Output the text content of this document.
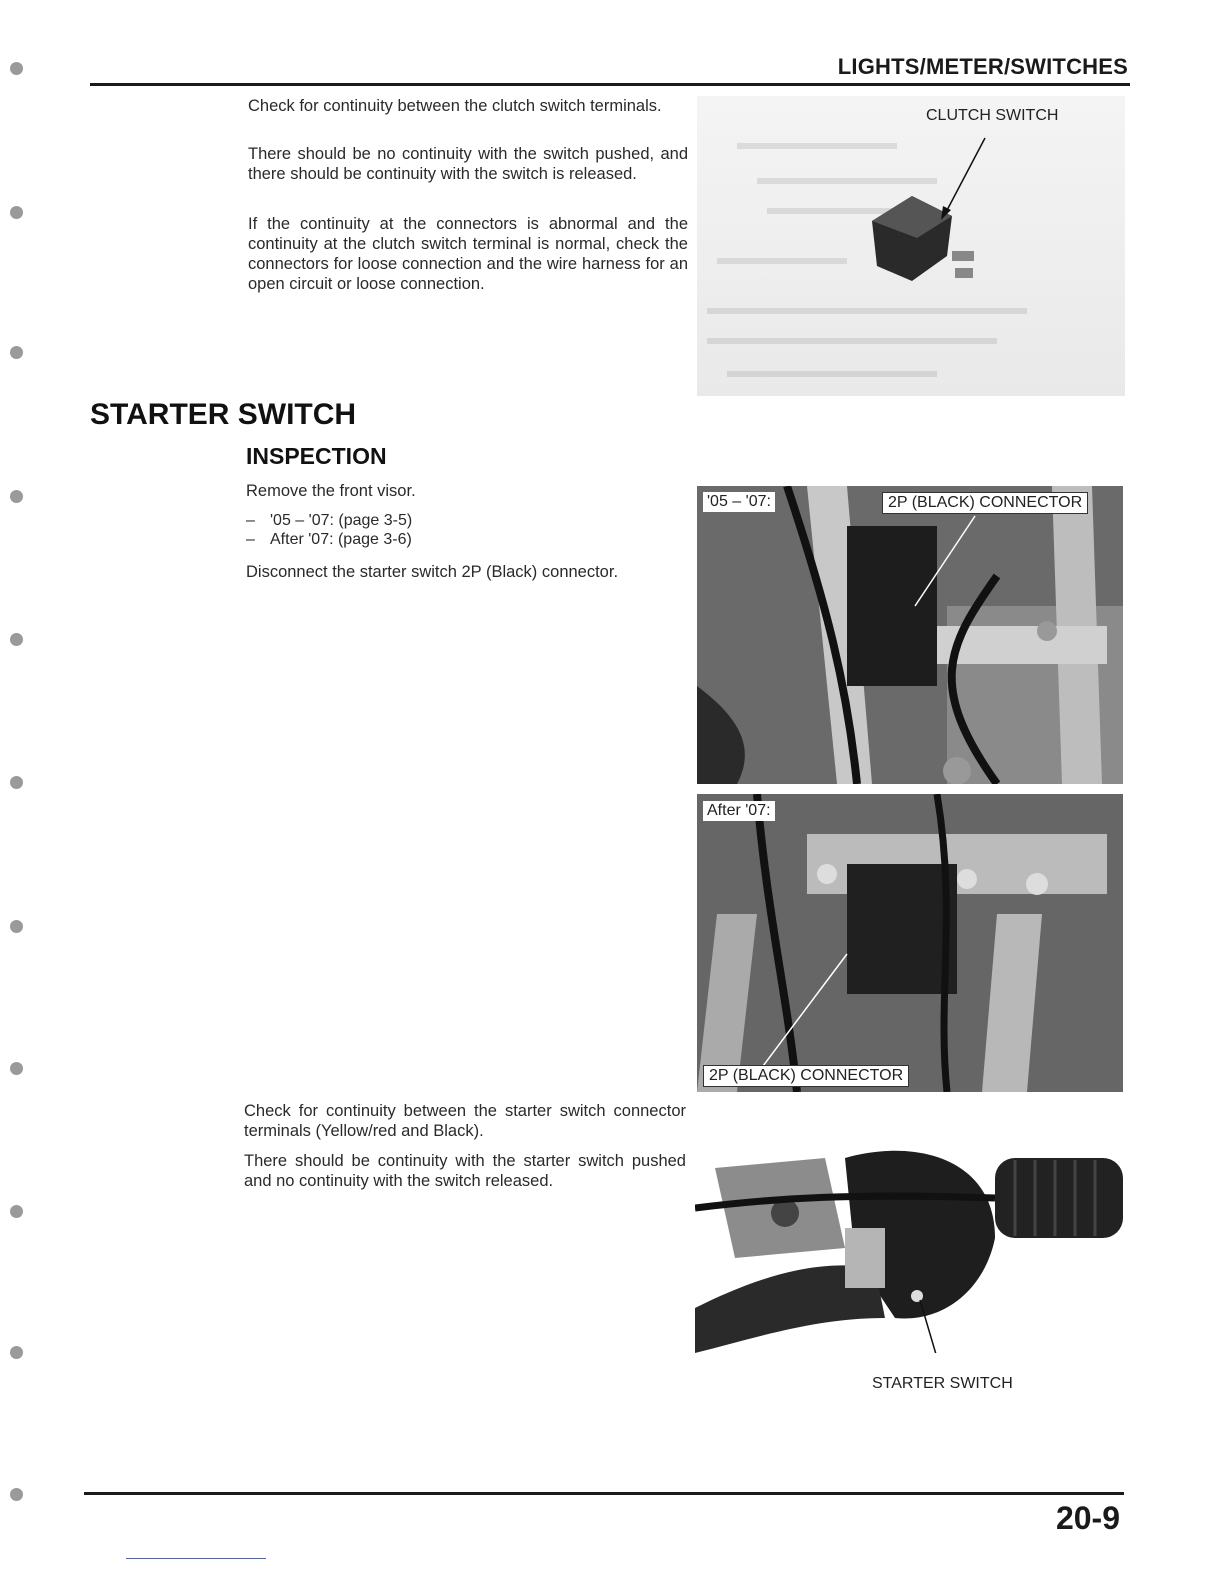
LIGHTS/METER/SWITCHES

Check for continuity between the clutch switch terminals.

There should be no continuity with the switch pushed, and there should be continuity with the switch is released.

If the continuity at the connectors is abnormal and the continuity at the clutch switch terminal is normal, check the connectors for loose connection and the wire harness for an open circuit or loose connection.

CLUTCH SWITCH
STARTER SWITCH
INSPECTION

Remove the front visor.

– '05 – '07: (page 3-5)
– After '07: (page 3-6)

Disconnect the starter switch 2P (Black) connector.

'05 – '07:	2P (BLACK) CONNECTOR
After '07:
2P (BLACK) CONNECTOR

Check for continuity between the starter switch connector terminals (Yellow/red and Black).

There should be continuity with the starter switch pushed and no continuity with the switch released.

STARTER SWITCH
20-9
